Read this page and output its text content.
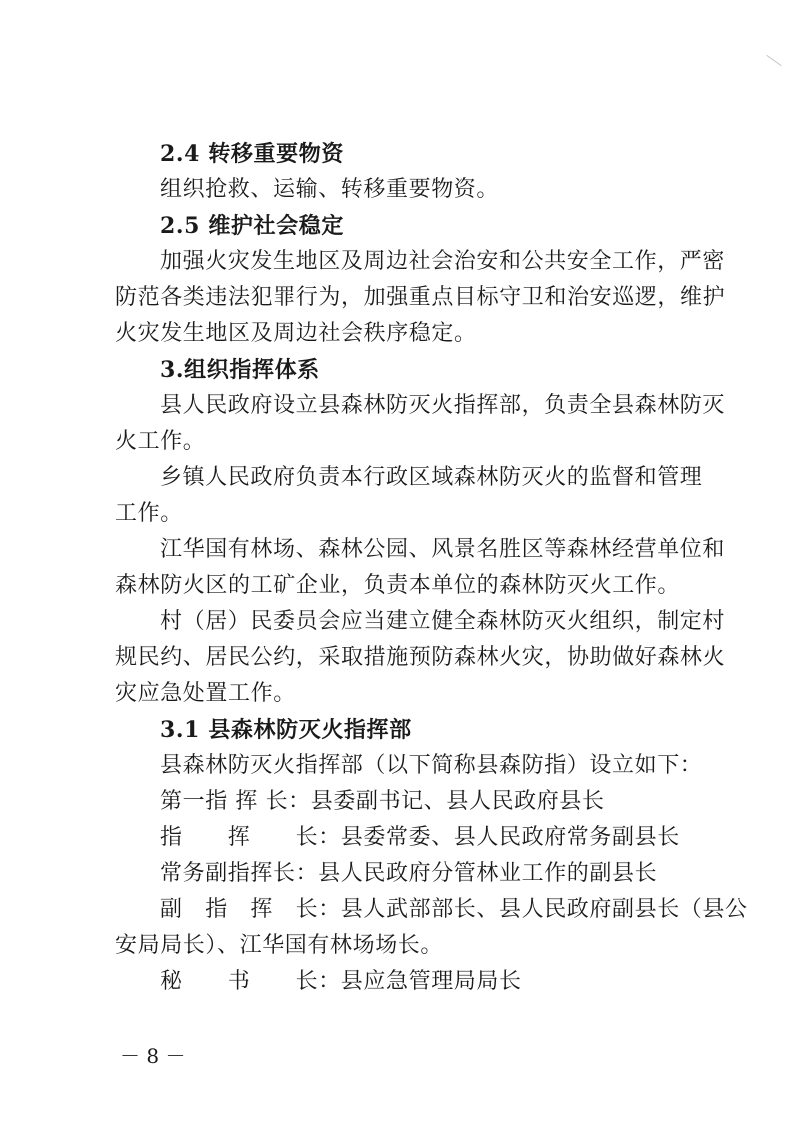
2.4 转移重要物资
组织抢救、运输、转移重要物资。
2.5 维护社会稳定
加强火灾发生地区及周边社会治安和公共安全工作，严密
防范各类违法犯罪行为，加强重点目标守卫和治安巡逻，维护
火灾发生地区及周边社会秩序稳定。
3.组织指挥体系
县人民政府设立县森林防灭火指挥部，负责全县森林防灭
火工作。
乡镇人民政府负责本行政区域森林防灭火的监督和管理
工作。
江华国有林场、森林公园、风景名胜区等森林经营单位和
森林防火区的工矿企业，负责本单位的森林防灭火工作。
村（居）民委员会应当建立健全森林防灭火组织，制定村
规民约、居民公约，采取措施预防森林火灾，协助做好森林火
灾应急处置工作。
3.1 县森林防灭火指挥部
县森林防灭火指挥部（以下简称县森防指）设立如下：
第一指 挥 长：县委副书记、县人民政府县长
指　　挥　　长：县委常委、县人民政府常务副县长
常务副指挥长：县人民政府分管林业工作的副县长
副　指　挥　长：县人武部部长、县人民政府副县长（县公
安局局长）、江华国有林场场长。
秘　　书　　长：县应急管理局局长
－ 8 －
